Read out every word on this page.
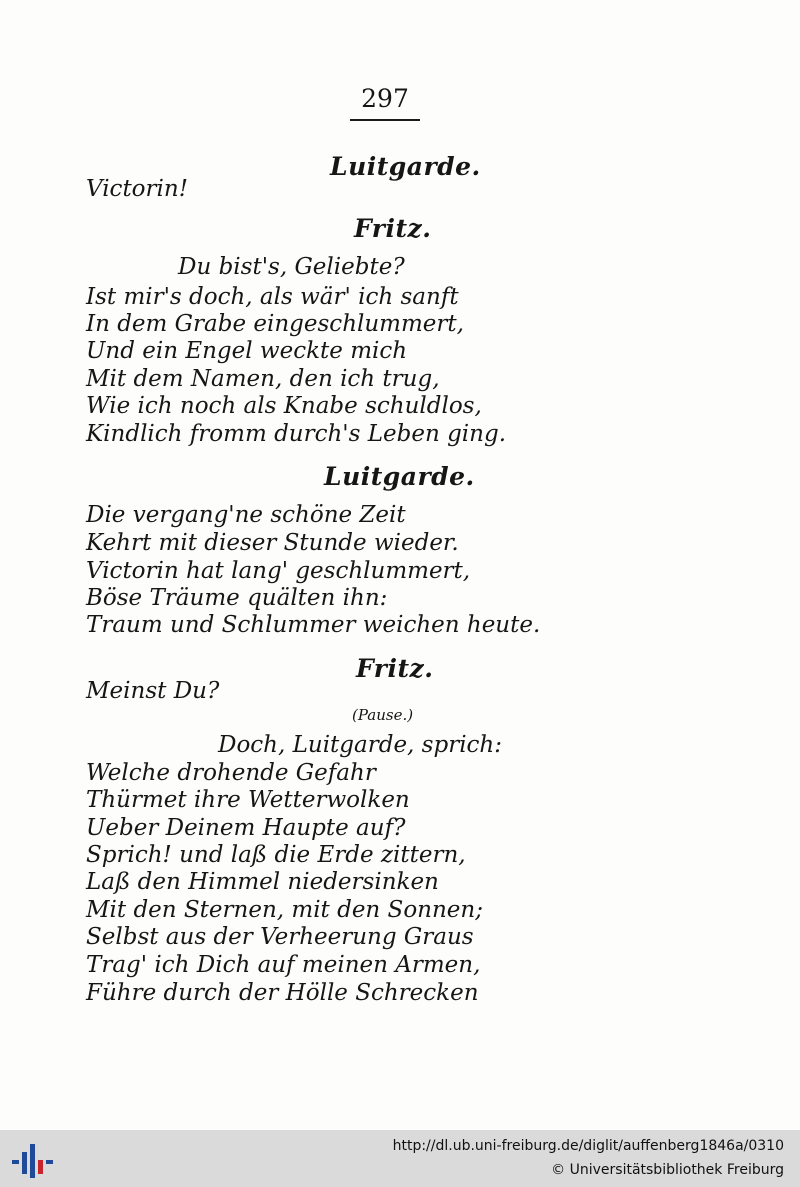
297
Luitgarde.
Victorin!
Fritz.
Du bist's, Geliebte?
Ist mir's doch, als wär' ich sanft
In dem Grabe eingeschlummert,
Und ein Engel weckte mich
Mit dem Namen, den ich trug,
Wie ich noch als Knabe schuldlos,
Kindlich fromm durch's Leben ging.
Luitgarde.
Die vergang'ne schöne Zeit
Kehrt mit dieser Stunde wieder.
Victorin hat lang' geschlummert,
Böse Träume quälten ihn:
Traum und Schlummer weichen heute.
Fritz.
Meinst Du?
(Pause.)
Doch, Luitgarde, sprich:
Welche drohende Gefahr
Thürmet ihre Wetterwolken
Ueber Deinem Haupte auf?
Sprich! und laß die Erde zittern,
Laß den Himmel niedersinken
Mit den Sternen, mit den Sonnen;
Selbst aus der Verheerung Graus
Trag' ich Dich auf meinen Armen,
Führe durch der Hölle Schrecken
http://dl.ub.uni-freiburg.de/diglit/auffenberg1846a/0310
© Universitätsbibliothek Freiburg
